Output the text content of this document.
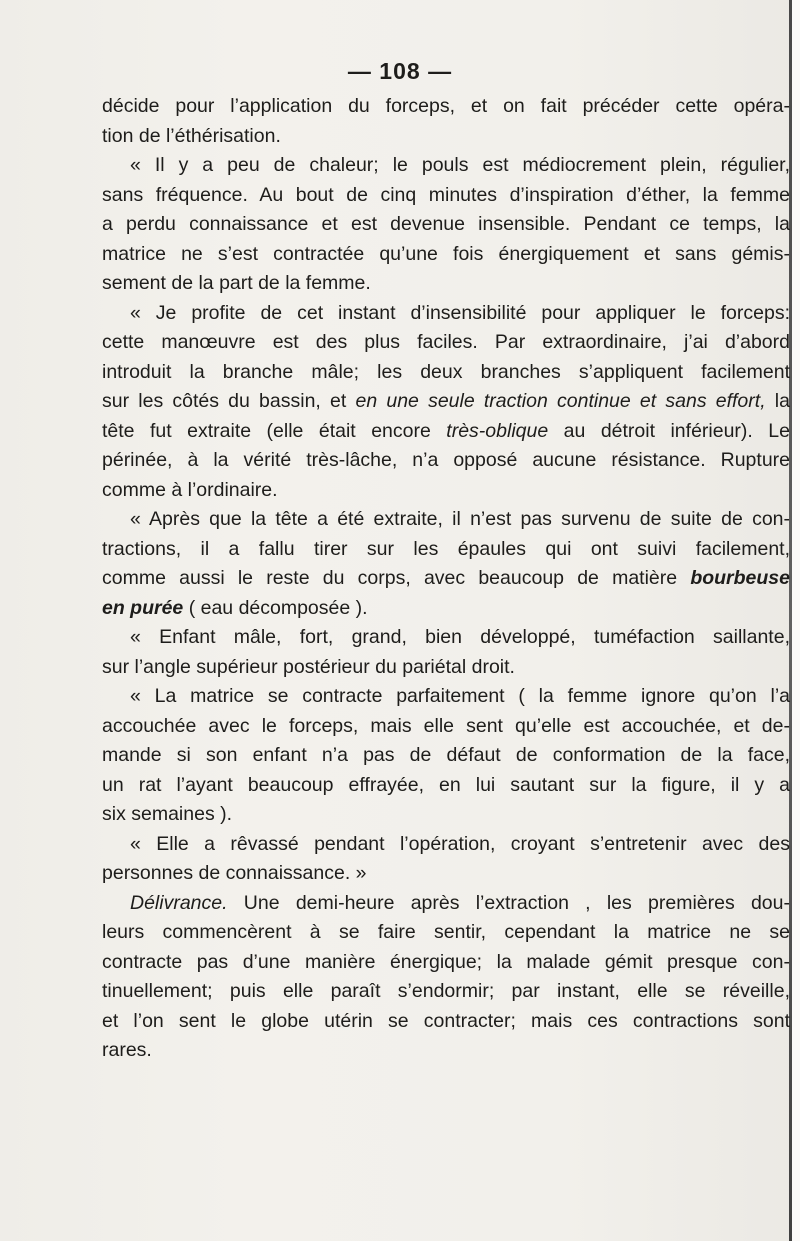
— 108 —
décide pour l’application du forceps, et on fait précéder cette opéra-
tion de l’éthérisation.
« Il y a peu de chaleur; le pouls est médiocrement plein, régulier,
sans fréquence. Au bout de cinq minutes d’inspiration d’éther, la femme
a perdu connaissance et est devenue insensible. Pendant ce temps, la
matrice ne s’est contractée qu’une fois énergiquement et sans gémis-
sement de la part de la femme.
« Je profite de cet instant d’insensibilité pour appliquer le forceps:
cette manœuvre est des plus faciles. Par extraordinaire, j’ai d’abord
introduit la branche mâle; les deux branches s’appliquent facilement
sur les côtés du bassin, et en une seule traction continue et sans effort, la
tête fut extraite (elle était encore très-oblique au détroit inférieur). Le
périnée, à la vérité très-lâche, n’a opposé aucune résistance. Rupture
comme à l’ordinaire.
« Après que la tête a été extraite, il n’est pas survenu de suite de con-
tractions, il a fallu tirer sur les épaules qui ont suivi facilement,
comme aussi le reste du corps, avec beaucoup de matière bourbeuse
en purée ( eau décomposée ).
« Enfant mâle, fort, grand, bien développé, tuméfaction saillante,
sur l’angle supérieur postérieur du pariétal droit.
« La matrice se contracte parfaitement ( la femme ignore qu’on l’a
accouchée avec le forceps, mais elle sent qu’elle est accouchée, et de-
mande si son enfant n’a pas de défaut de conformation de la face,
un rat l’ayant beaucoup effrayée, en lui sautant sur la figure, il y a
six semaines ).
« Elle a rêvassé pendant l’opération, croyant s’entretenir avec des
personnes de connaissance. »
Délivrance. Une demi-heure après l’extraction , les premières dou-
leurs commencèrent à se faire sentir, cependant la matrice ne se
contracte pas d’une manière énergique; la malade gémit presque con-
tinuellement; puis elle paraît s’endormir; par instant, elle se réveille,
et l’on sent le globe utérin se contracter; mais ces contractions sont
rares.
